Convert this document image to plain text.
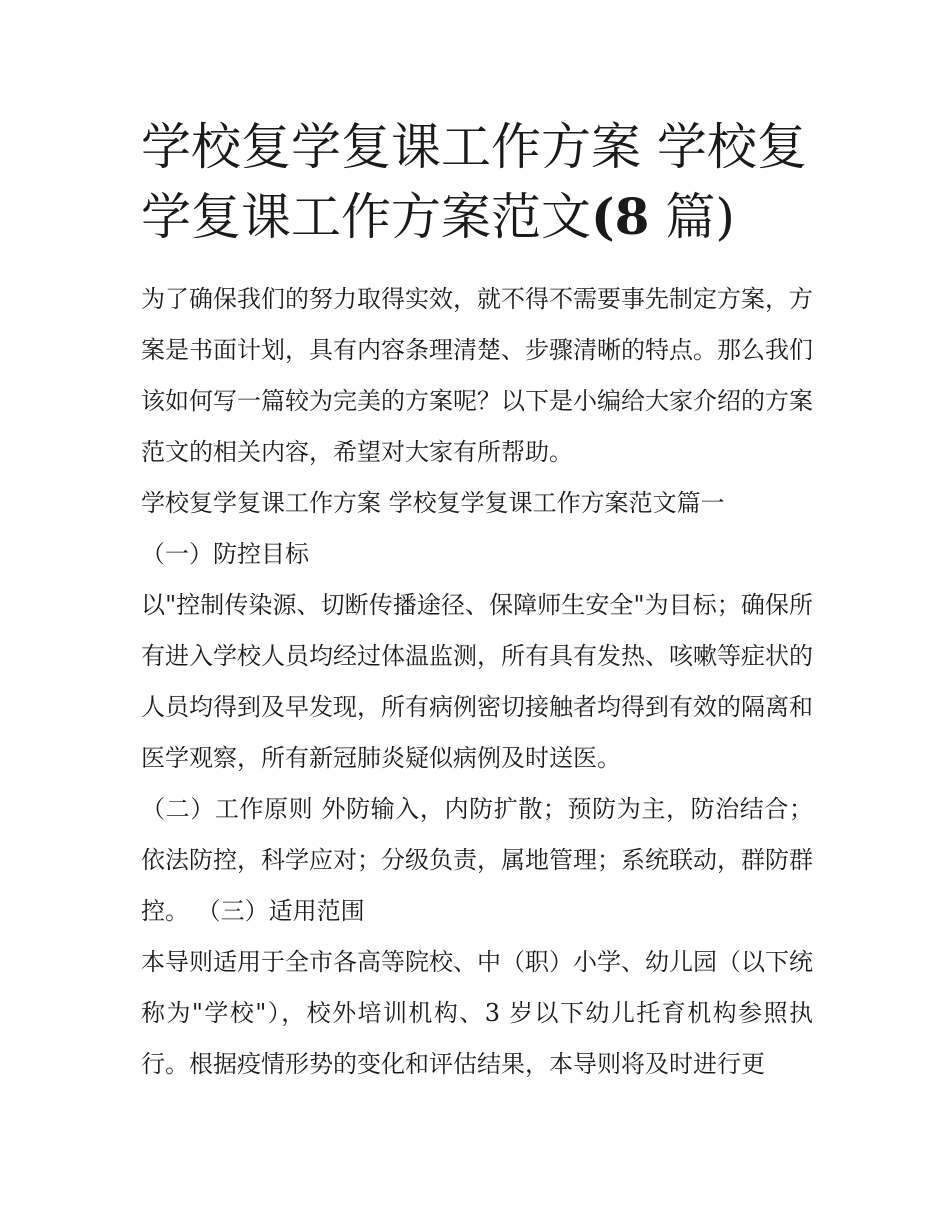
学校复学复课工作方案 学校复学复课工作方案范文(8 篇)

为了确保我们的努力取得实效，就不得不需要事先制定方案，方案是书面计划，具有内容条理清楚、步骤清晰的特点。那么我们该如何写一篇较为完美的方案呢？以下是小编给大家介绍的方案范文的相关内容，希望对大家有所帮助。

学校复学复课工作方案 学校复学复课工作方案范文篇一

（一）防控目标

以"控制传染源、切断传播途径、保障师生安全"为目标；确保所有进入学校人员均经过体温监测，所有具有发热、咳嗽等症状的人员均得到及早发现，所有病例密切接触者均得到有效的隔离和医学观察，所有新冠肺炎疑似病例及时送医。

（二）工作原则 外防输入，内防扩散；预防为主，防治结合；依法防控，科学应对；分级负责，属地管理；系统联动，群防群控。 （三）适用范围

本导则适用于全市各高等院校、中（职）小学、幼儿园（以下统称为"学校"），校外培训机构、3 岁以下幼儿托育机构参照执行。根据疫情形势的变化和评估结果，本导则将及时进行更
